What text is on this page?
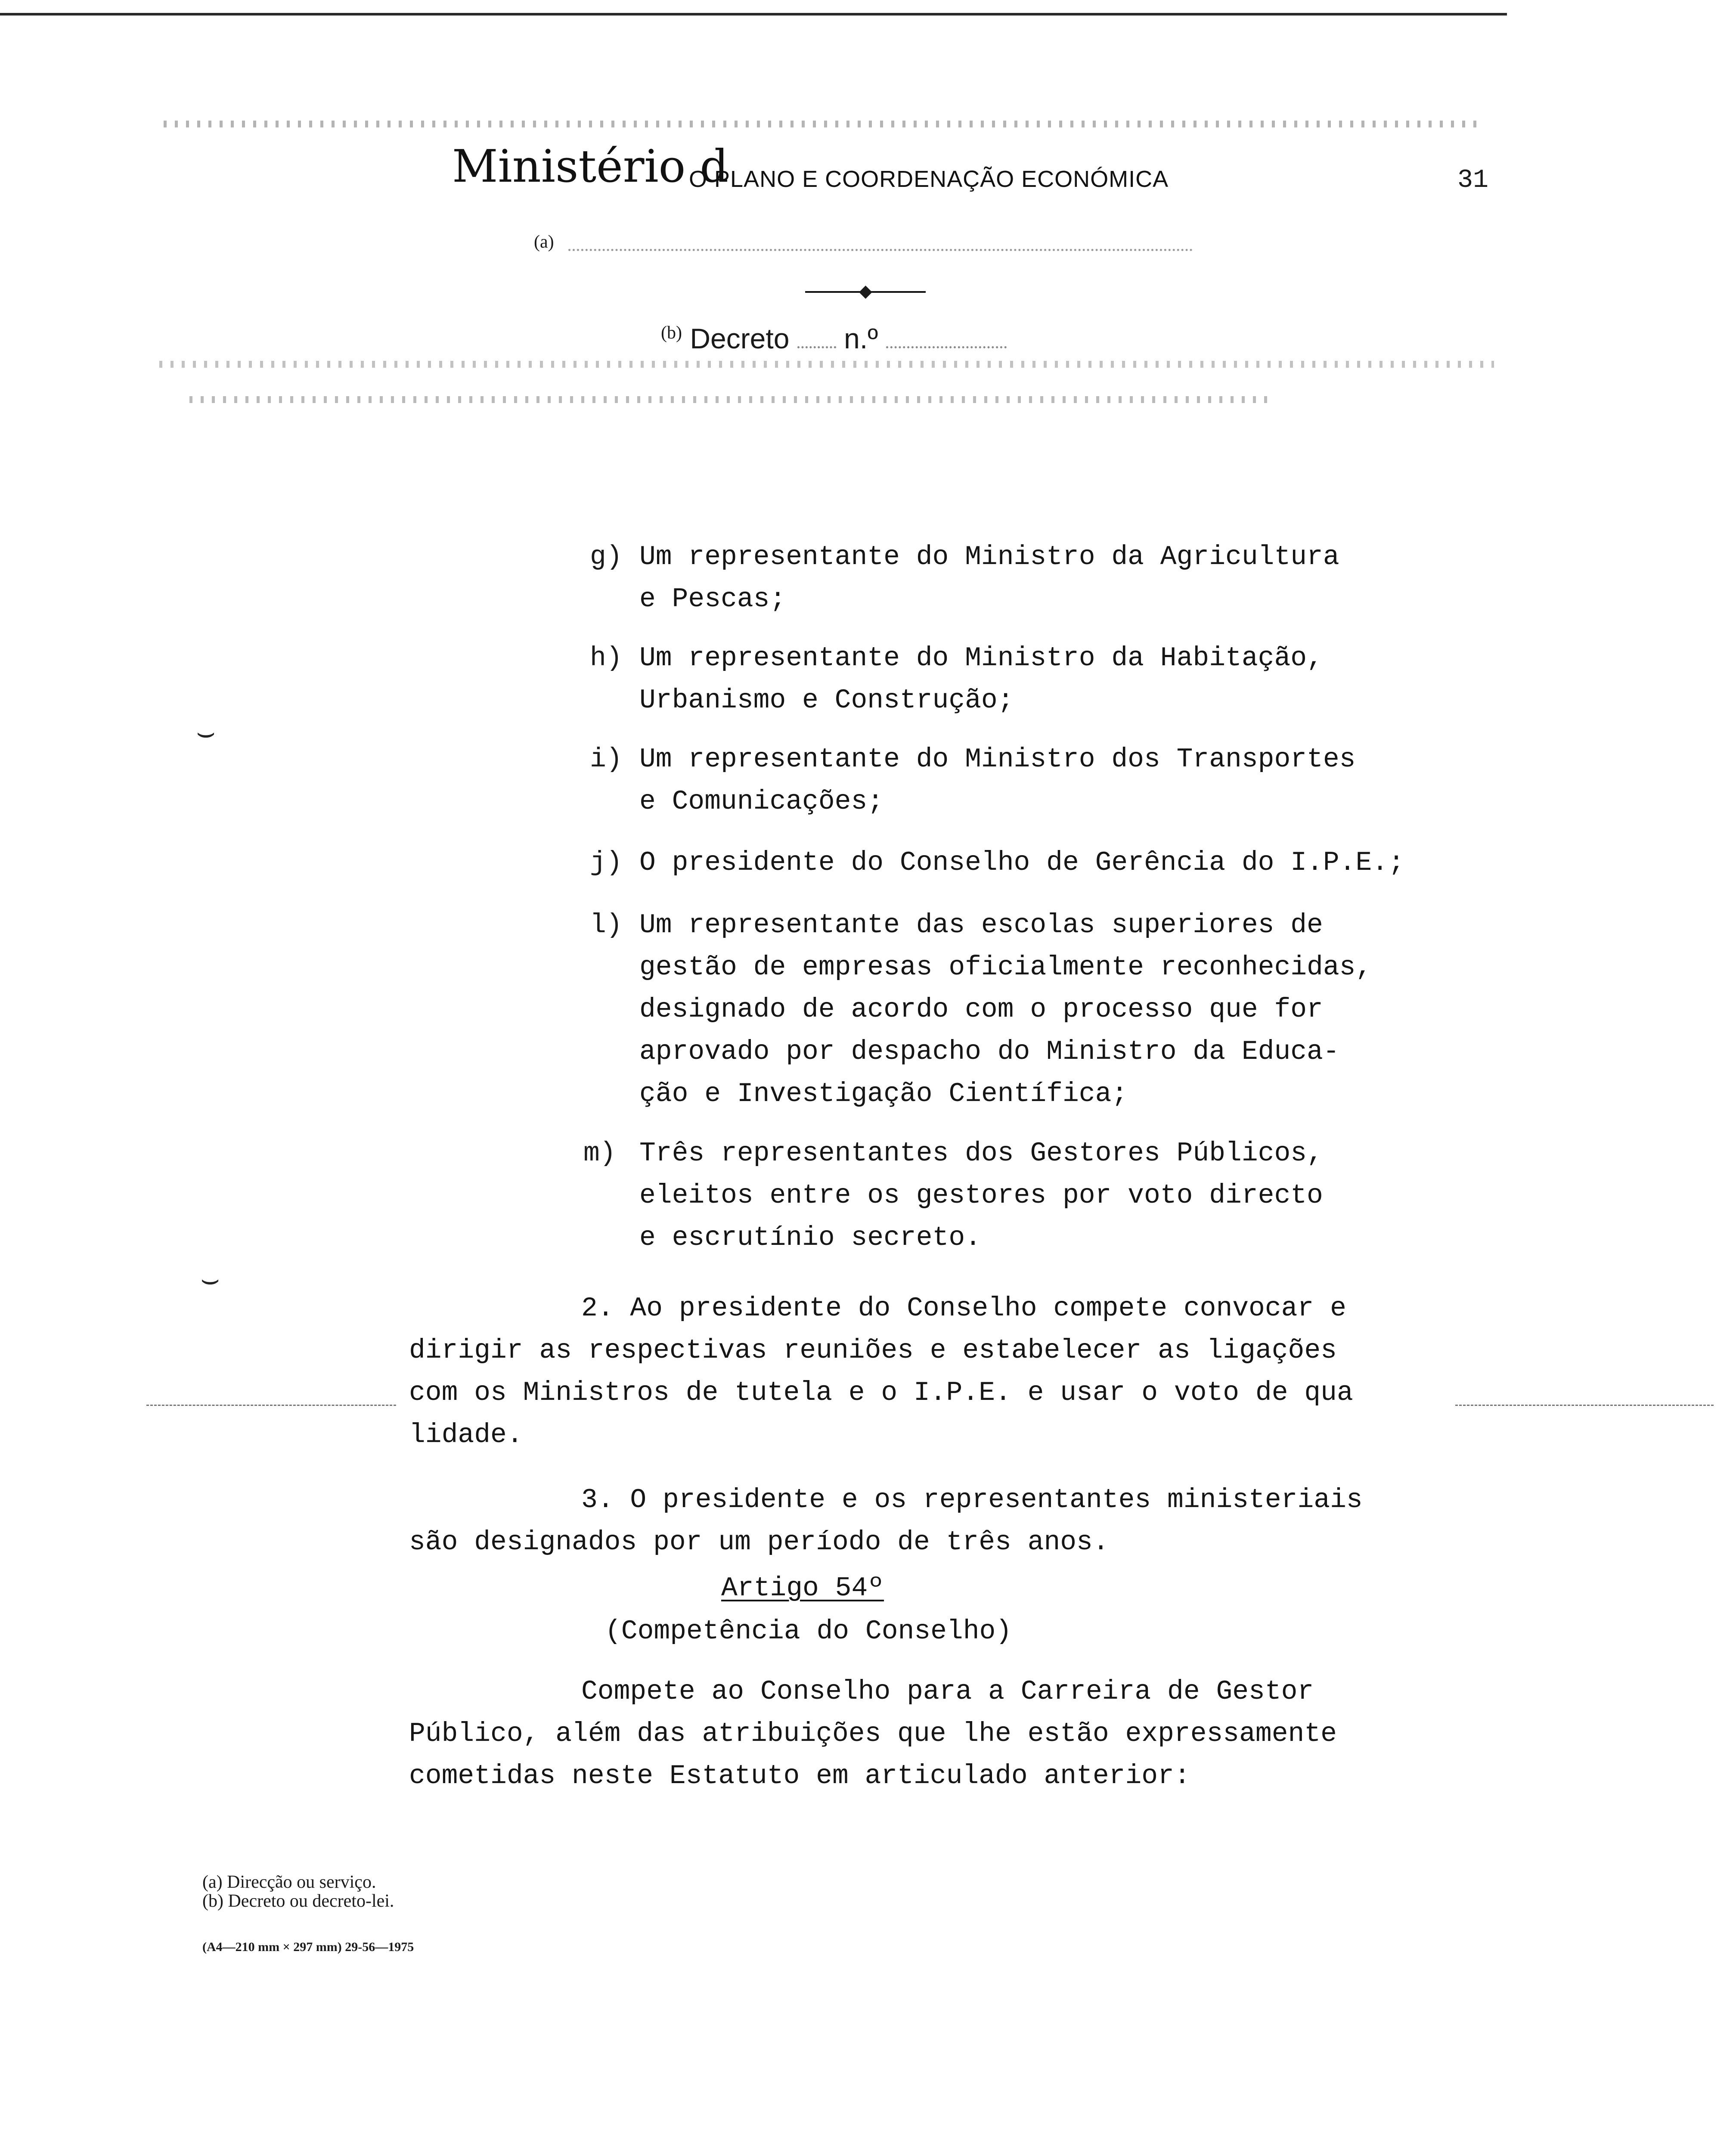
Ministério d
O PLANO E COORDENAÇÃO ECONÓMICA	31
(a)
◆
$^{(b)}$ Decreto n.º
⌣
⌣
g) Um representante do Ministro da Agricultura
e Pescas;
h) Um representante do Ministro da Habitação,
Urbanismo e Construção;
i) Um representante do Ministro dos Transportes
e Comunicações;
j) O presidente do Conselho de Gerência do I.P.E.;
l) Um representante das escolas superiores de
gestão de empresas oficialmente reconhecidas,
designado de acordo com o processo que for
aprovado por despacho do Ministro da Educa-
ção e Investigação Científica;
m) Três representantes dos Gestores Públicos,
eleitos entre os gestores por voto directo
e escrutínio secreto.
2. Ao presidente do Conselho compete convocar e
dirigir as respectivas reuniões e estabelecer as ligações
com os Ministros de tutela e o I.P.E. e usar o voto de qua
lidade.
3. O presidente e os representantes ministeriais
são designados por um período de três anos.
Artigo 54º
(Competência do Conselho)
Compete ao Conselho para a Carreira de Gestor
Público, além das atribuições que lhe estão expressamente
cometidas neste Estatuto em articulado anterior:
(a) Direcção ou serviço.
(b) Decreto ou decreto-lei.
(A4—210 mm × 297 mm) 29-56—1975
